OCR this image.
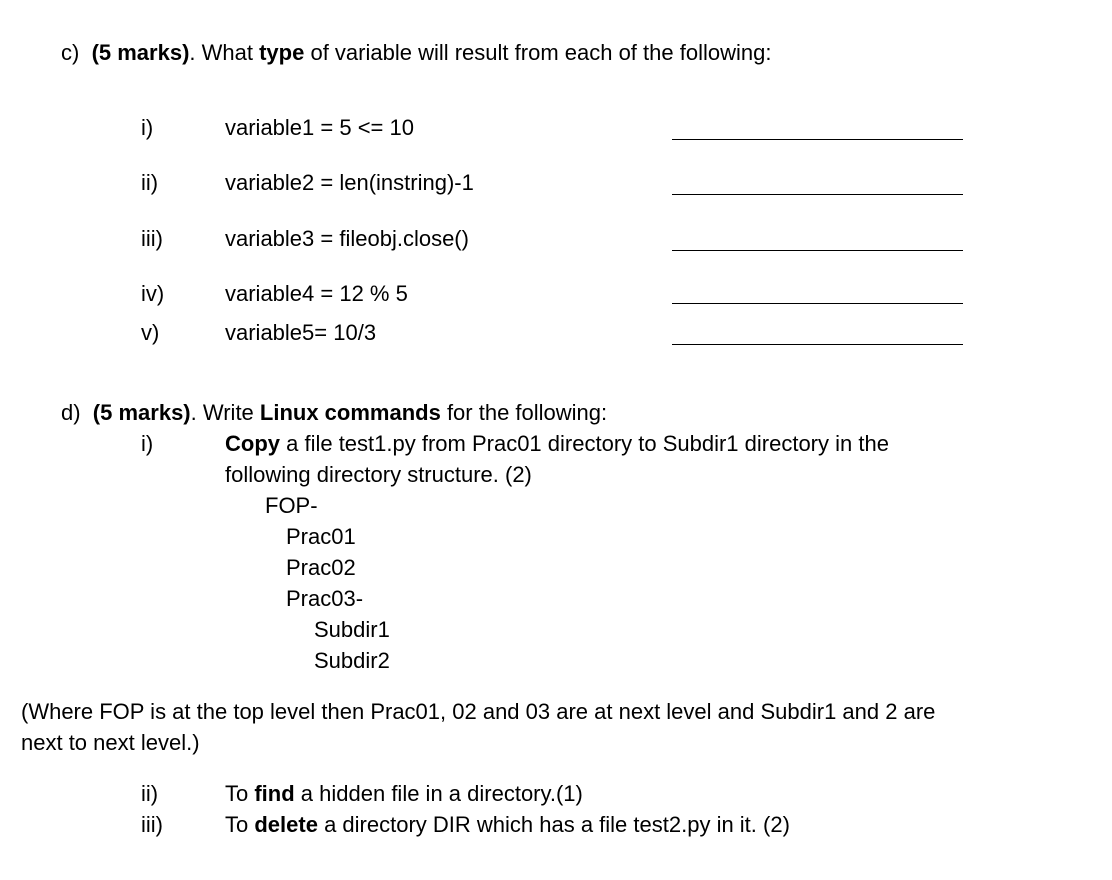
c) (5 marks). What type of variable will result from each of the following:
i)	variable1 = 5 <= 10
ii)	variable2 = len(instring)-1
iii)	variable3 = fileobj.close()
iv)	variable4 = 12 % 5
v)	variable5= 10/3
d) (5 marks). Write Linux commands for the following:
i)	Copy a file test1.py from Prac01 directory to Subdir1 directory in the
following directory structure. (2)
FOP-
Prac01
Prac02
Prac03-
Subdir1
Subdir2
(Where FOP is at the top level then Prac01, 02 and 03 are at next level and Subdir1 and 2 are
next to next level.)
ii)	To find a hidden file in a directory.(1)
iii)	To delete a directory DIR which has a file test2.py in it. (2)
